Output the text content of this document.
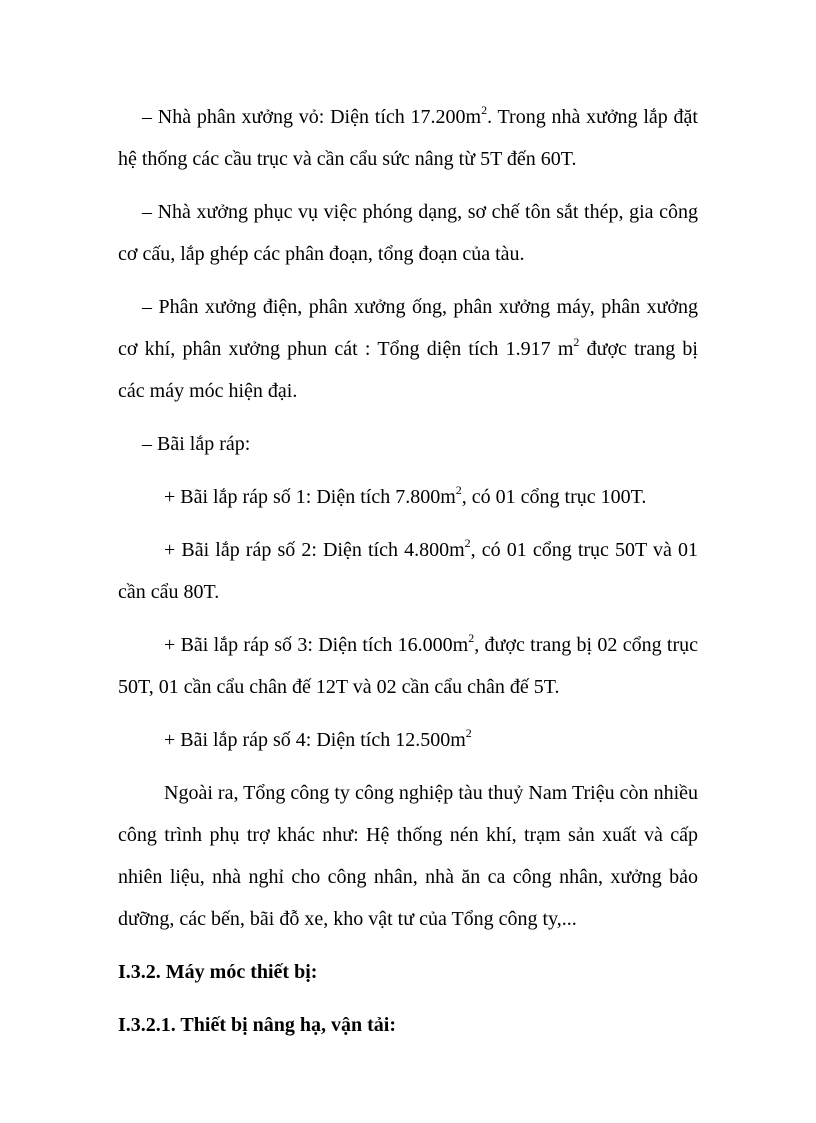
– Nhà phân xưởng vỏ: Diện tích $17.200m^2$. Trong nhà xưởng lắp đặt hệ thống các cầu trục và cần cẩu sức nâng từ 5T đến 60T.

– Nhà xưởng phục vụ việc phóng dạng, sơ chế tôn sắt thép, gia công cơ cấu, lắp ghép các phân đoạn, tổng đoạn của tàu.

– Phân xưởng điện, phân xưởng ống, phân xưởng máy, phân xưởng cơ khí, phân xưởng phun cát : Tổng diện tích 1.917 $m^2$ được trang bị các máy móc hiện đại.

– Bãi lắp ráp:

+ Bãi lắp ráp số 1: Diện tích $7.800m^2$, có 01 cổng trục 100T.

+ Bãi lắp ráp số 2: Diện tích $4.800m^2$, có 01 cổng trục 50T và 01 cần cẩu 80T.

+ Bãi lắp ráp số 3: Diện tích $16.000m^2$, được trang bị 02 cổng trục 50T, 01 cần cẩu chân đế 12T và 02 cần cẩu chân đế 5T.

+ Bãi lắp ráp số 4: Diện tích $12.500m^2$

Ngoài ra, Tổng công ty công nghiệp tàu thuỷ Nam Triệu còn nhiều công trình phụ trợ khác như: Hệ thống nén khí, trạm sản xuất và cấp nhiên liệu, nhà nghỉ cho công nhân, nhà ăn ca công nhân, xưởng bảo dưỡng, các bến, bãi đỗ xe, kho vật tư của Tổng công ty,...

I.3.2. Máy móc thiết bị:
I.3.2.1. Thiết bị nâng hạ, vận tải:
